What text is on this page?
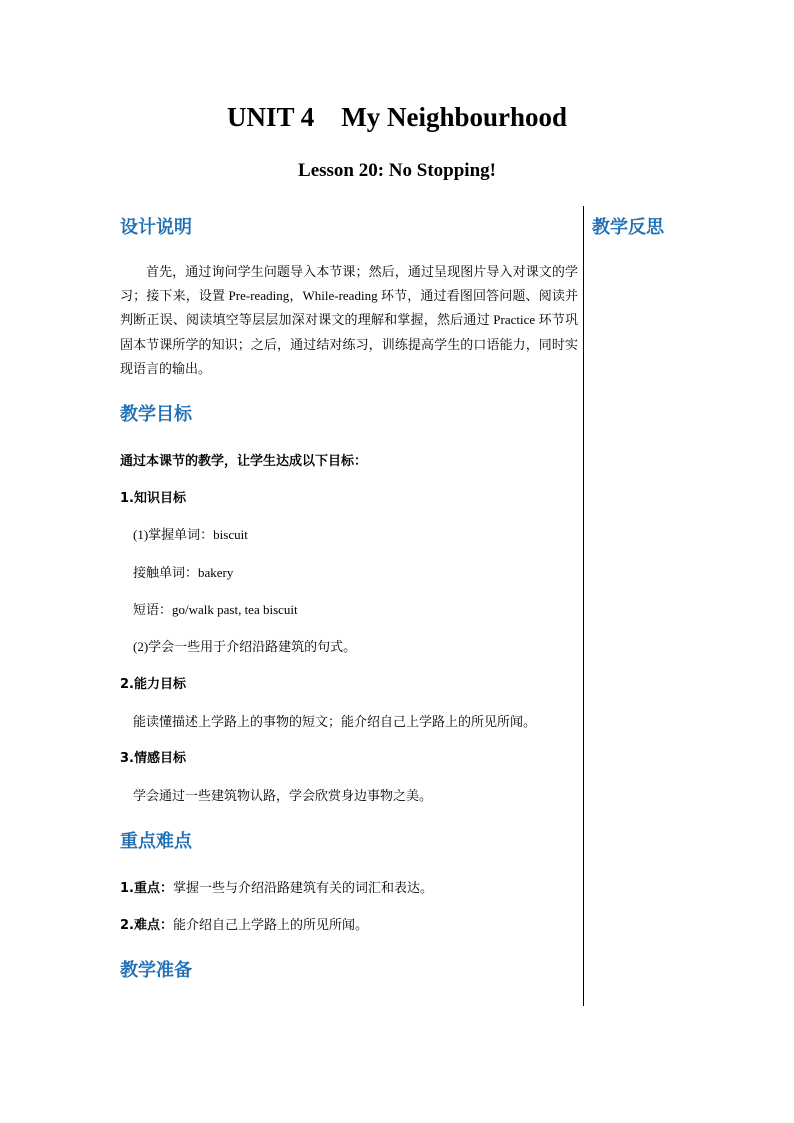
UNIT 4    My Neighbourhood
Lesson 20: No Stopping!
设计说明	教学反思
首先，通过询问学生问题导入本节课；然后，通过呈现图片导入对课文的学习；接下来，设置 Pre-reading，While-reading 环节，通过看图回答问题、阅读并判断正误、阅读填空等层层加深对课文的理解和掌握，然后通过 Practice 环节巩固本节课所学的知识；之后，通过结对练习，训练提高学生的口语能力，同时实现语言的输出。
教学目标
通过本课节的教学，让学生达成以下目标：
1.知识目标
(1)掌握单词：biscuit
接触单词：bakery
短语：go/walk past, tea biscuit
(2)学会一些用于介绍沿路建筑的句式。
2.能力目标
能读懂描述上学路上的事物的短文；能介绍自己上学路上的所见所闻。
3.情感目标
学会通过一些建筑物认路，学会欣赏身边事物之美。
重点难点
1.重点：掌握一些与介绍沿路建筑有关的词汇和表达。
2.难点：能介绍自己上学路上的所见所闻。
教学准备
